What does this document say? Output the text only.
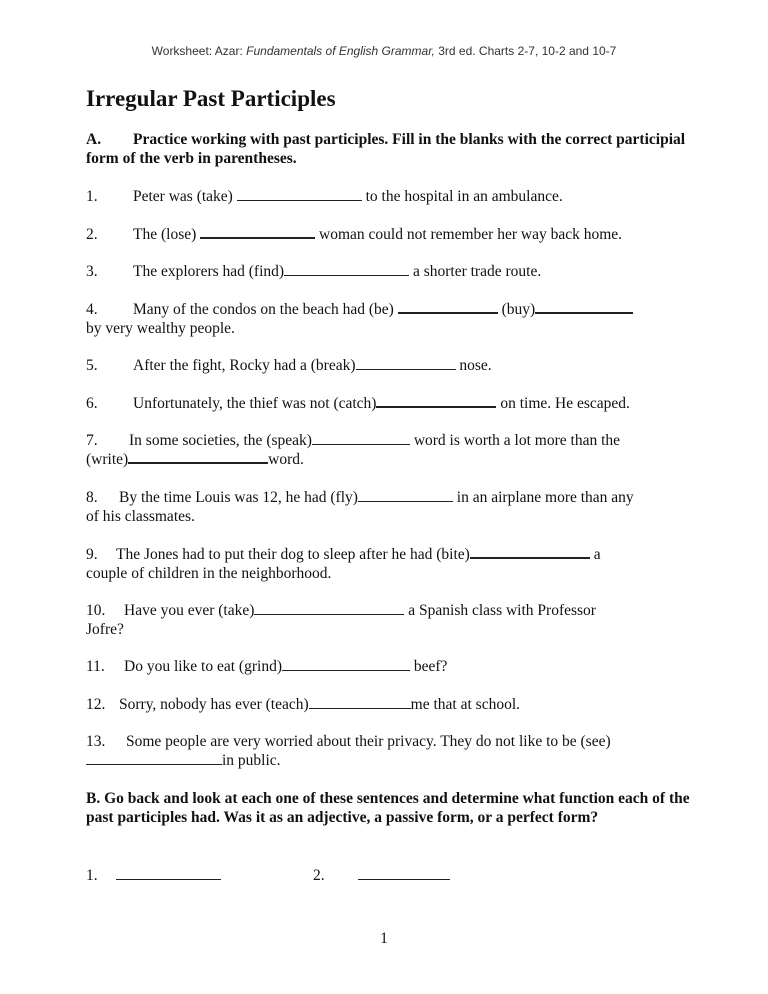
Worksheet: Azar: Fundamentals of English Grammar, 3rd ed. Charts 2-7, 10-2 and 10-7
Irregular Past Participles
A. Practice working with past participles. Fill in the blanks with the correct participial form of the verb in parentheses.
1. Peter was (take)	to the hospital in an ambulance.
2. The (lose)	woman could not remember her way back home.
3. The explorers had (find)	a shorter trade route.
4. Many of the condos on the beach had (be)	(buy)
by very wealthy people.
5. After the fight, Rocky had a (break)	nose.
6. Unfortunately, the thief was not (catch)	on time. He escaped.
7. In some societies, the (speak)	word is worth a lot more than the
(write)	word.
8. By the time Louis was 12, he had (fly)	in an airplane more than any
of his classmates.
9. The Jones had to put their dog to sleep after he had (bite)	a
couple of children in the neighborhood.
10. Have you ever (take)	a Spanish class with Professor
Jofre?
11. Do you like to eat (grind)	beef?
12. Sorry, nobody has ever (teach)	me that at school.
13. Some people are very worried about their privacy. They do not like to be (see)
in public.
B. Go back and look at each one of these sentences and determine what function each of the past participles had. Was it as an adjective, a passive form, or a perfect form?
1.	2.
1
